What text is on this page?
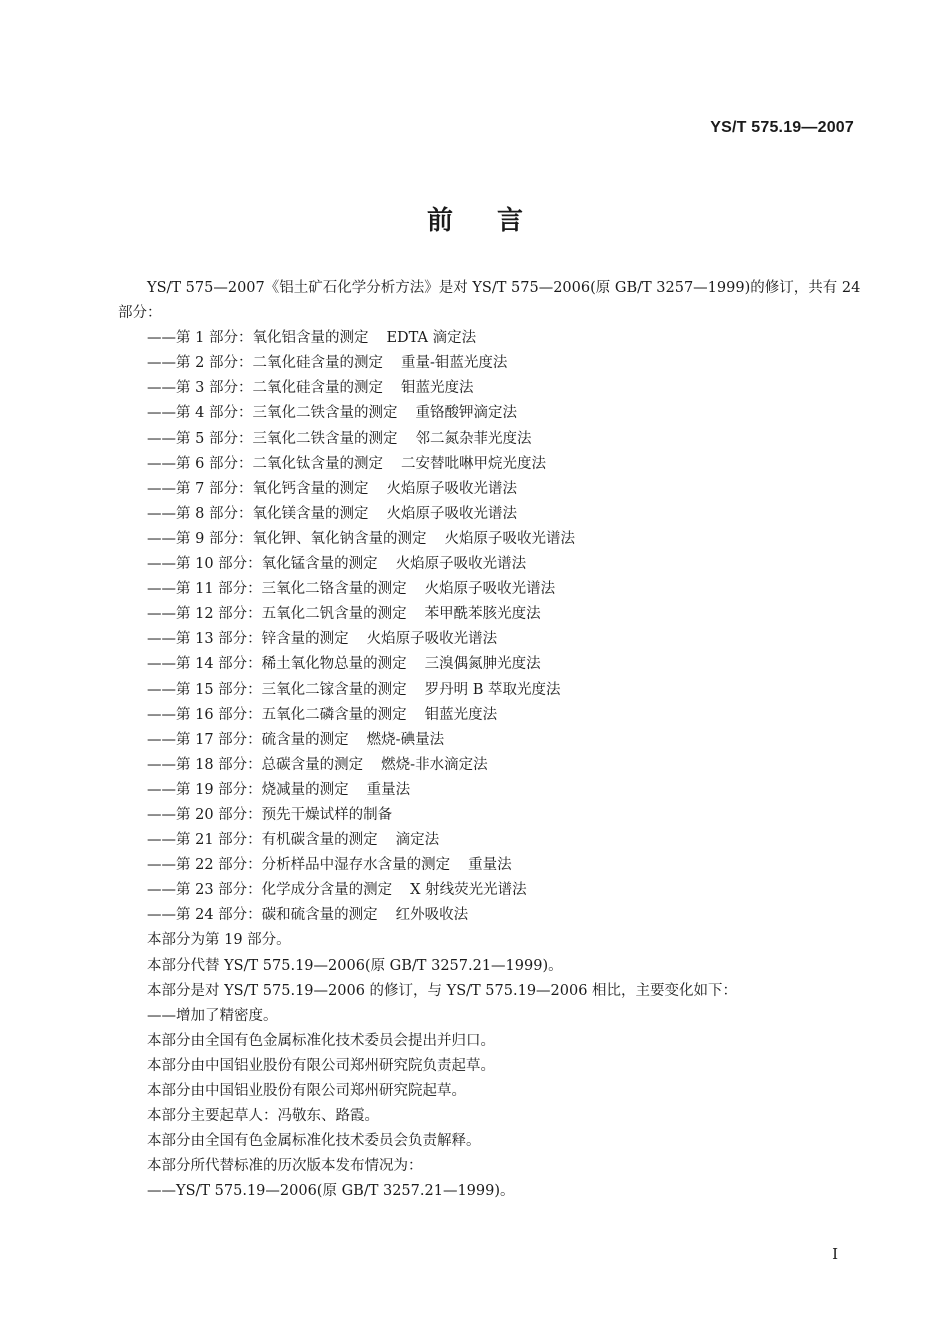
YS/T 575.19—2007
前言

YS/T 575—2007《铝土矿石化学分析方法》是对 YS/T 575—2006(原 GB/T 3257—1999)的修订，共有 24 部分：

——第 1 部分：氧化铝含量的测定 EDTA 滴定法
——第 2 部分：二氧化硅含量的测定 重量-钼蓝光度法
——第 3 部分：二氧化硅含量的测定 钼蓝光度法
——第 4 部分：三氧化二铁含量的测定 重铬酸钾滴定法
——第 5 部分：三氧化二铁含量的测定 邻二氮杂菲光度法
——第 6 部分：二氧化钛含量的测定 二安替吡啉甲烷光度法
——第 7 部分：氧化钙含量的测定 火焰原子吸收光谱法
——第 8 部分：氧化镁含量的测定 火焰原子吸收光谱法
——第 9 部分：氧化钾、氧化钠含量的测定 火焰原子吸收光谱法
——第 10 部分：氧化锰含量的测定 火焰原子吸收光谱法
——第 11 部分：三氧化二铬含量的测定 火焰原子吸收光谱法
——第 12 部分：五氧化二钒含量的测定 苯甲酰苯胲光度法
——第 13 部分：锌含量的测定 火焰原子吸收光谱法
——第 14 部分：稀土氧化物总量的测定 三溴偶氮胂光度法
——第 15 部分：三氧化二镓含量的测定 罗丹明 B 萃取光度法
——第 16 部分：五氧化二磷含量的测定 钼蓝光度法
——第 17 部分：硫含量的测定 燃烧-碘量法
——第 18 部分：总碳含量的测定 燃烧-非水滴定法
——第 19 部分：烧减量的测定 重量法
——第 20 部分：预先干燥试样的制备
——第 21 部分：有机碳含量的测定 滴定法
——第 22 部分：分析样品中湿存水含量的测定 重量法
——第 23 部分：化学成分含量的测定 X 射线荧光光谱法
——第 24 部分：碳和硫含量的测定 红外吸收法

本部分为第 19 部分。

本部分代替 YS/T 575.19—2006(原 GB/T 3257.21—1999)。

本部分是对 YS/T 575.19—2006 的修订，与 YS/T 575.19—2006 相比，主要变化如下：

——增加了精密度。

本部分由全国有色金属标准化技术委员会提出并归口。

本部分由中国铝业股份有限公司郑州研究院负责起草。

本部分由中国铝业股份有限公司郑州研究院起草。

本部分主要起草人：冯敬东、路霞。

本部分由全国有色金属标准化技术委员会负责解释。

本部分所代替标准的历次版本发布情况为：

——YS/T 575.19—2006(原 GB/T 3257.21—1999)。

I
